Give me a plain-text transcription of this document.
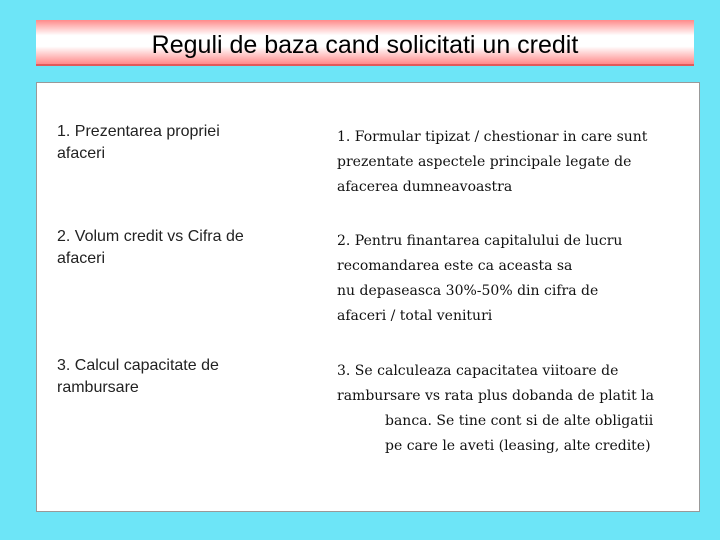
Reguli de baza cand solicitati un credit
1. Prezentarea propriei
afaceri
1. Formular tipizat / chestionar in care sunt
prezentate aspectele principale legate de
afacerea dumneavoastra
2. Volum credit vs Cifra de
afaceri
2. Pentru finantarea capitalului de lucru
recomandarea este ca aceasta sa
nu depaseasca 30%-50% din cifra de
afaceri / total venituri
3. Calcul capacitate de
rambursare
3. Se calculeaza capacitatea viitoare de
rambursare vs rata plus dobanda de platit la
banca. Se tine cont si de alte obligatii
pe care le aveti (leasing, alte credite)
